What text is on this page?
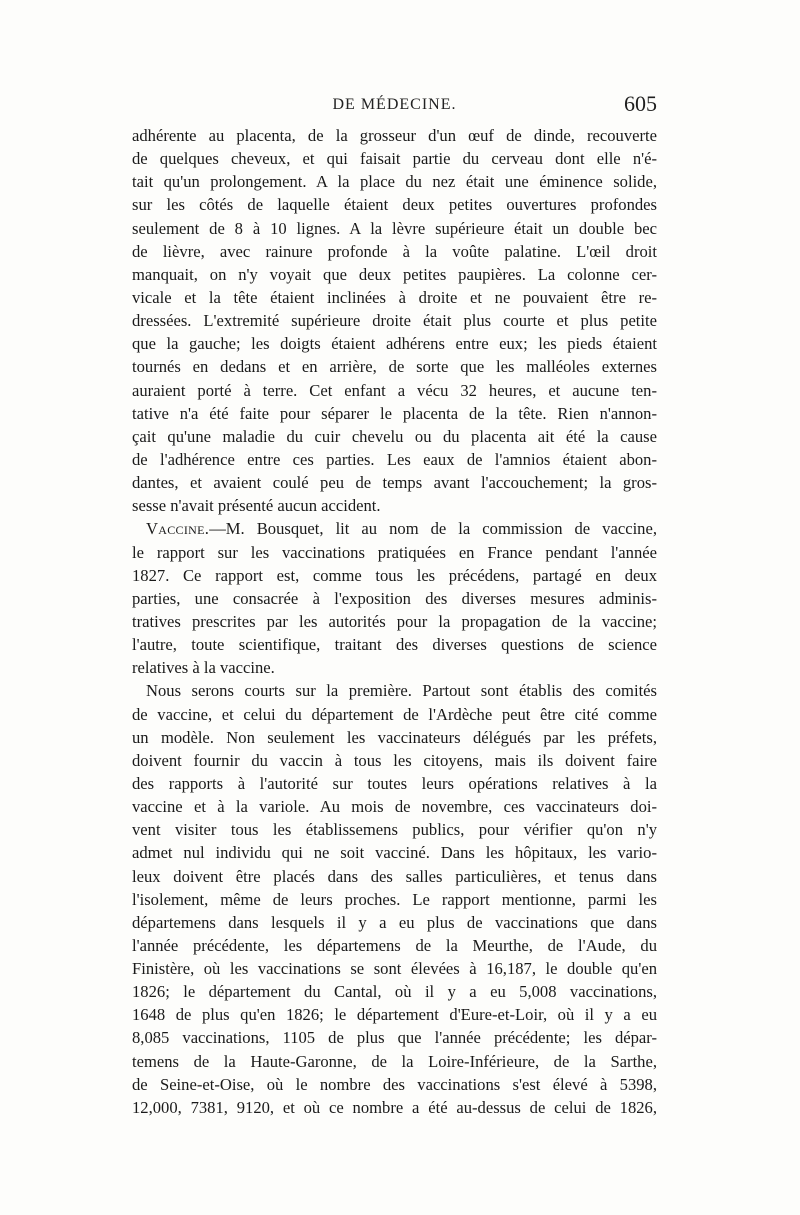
DE MÉDECINE.	605
adhérente au placenta, de la grosseur d'un œuf de dinde, recouverte
de quelques cheveux, et qui faisait partie du cerveau dont elle n'é-
tait qu'un prolongement. A la place du nez était une éminence solide,
sur les côtés de laquelle étaient deux petites ouvertures profondes
seulement de 8 à 10 lignes. A la lèvre supérieure était un double bec
de lièvre, avec rainure profonde à la voûte palatine. L'œil droit
manquait, on n'y voyait que deux petites paupières. La colonne cer-
vicale et la tête étaient inclinées à droite et ne pouvaient être re-
dressées. L'extremité supérieure droite était plus courte et plus petite
que la gauche; les doigts étaient adhérens entre eux; les pieds étaient
tournés en dedans et en arrière, de sorte que les malléoles externes
auraient porté à terre. Cet enfant a vécu 32 heures, et aucune ten-
tative n'a été faite pour séparer le placenta de la tête. Rien n'annon-
çait qu'une maladie du cuir chevelu ou du placenta ait été la cause
de l'adhérence entre ces parties. Les eaux de l'amnios étaient abon-
dantes, et avaient coulé peu de temps avant l'accouchement; la gros-
sesse n'avait présenté aucun accident.
Vaccine.—M. Bousquet, lit au nom de la commission de vaccine,
le rapport sur les vaccinations pratiquées en France pendant l'année
1827. Ce rapport est, comme tous les précédens, partagé en deux
parties, une consacrée à l'exposition des diverses mesures adminis-
tratives prescrites par les autorités pour la propagation de la vaccine;
l'autre, toute scientifique, traitant des diverses questions de science
relatives à la vaccine.
Nous serons courts sur la première. Partout sont établis des comités
de vaccine, et celui du département de l'Ardèche peut être cité comme
un modèle. Non seulement les vaccinateurs délégués par les préfets,
doivent fournir du vaccin à tous les citoyens, mais ils doivent faire
des rapports à l'autorité sur toutes leurs opérations relatives à la
vaccine et à la variole. Au mois de novembre, ces vaccinateurs doi-
vent visiter tous les établissemens publics, pour vérifier qu'on n'y
admet nul individu qui ne soit vacciné. Dans les hôpitaux, les vario-
leux doivent être placés dans des salles particulières, et tenus dans
l'isolement, même de leurs proches. Le rapport mentionne, parmi les
départemens dans lesquels il y a eu plus de vaccinations que dans
l'année précédente, les départemens de la Meurthe, de l'Aude, du
Finistère, où les vaccinations se sont élevées à 16,187, le double qu'en
1826; le département du Cantal, où il y a eu 5,008 vaccinations,
1648 de plus qu'en 1826; le département d'Eure-et-Loir, où il y a eu
8,085 vaccinations, 1105 de plus que l'année précédente; les dépar-
temens de la Haute-Garonne, de la Loire-Inférieure, de la Sarthe,
de Seine-et-Oise, où le nombre des vaccinations s'est élevé à 5398,
12,000, 7381, 9120, et où ce nombre a été au-dessus de celui de 1826,
